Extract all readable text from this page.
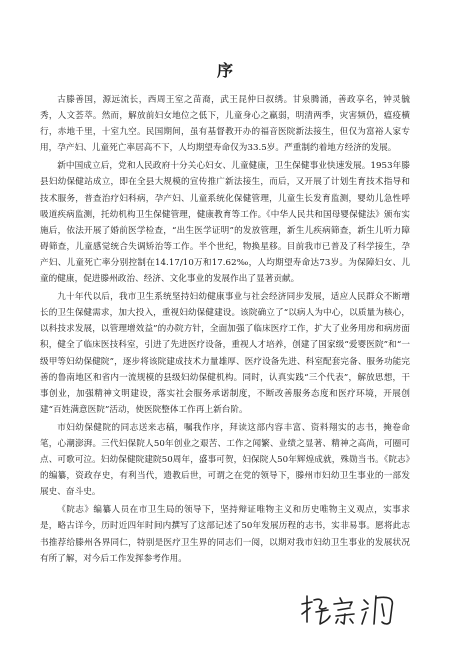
序

古滕善国，源远流长，西周王室之苗裔，武王昆仲曰叔绣。甘泉腾涌，善政享名，钟灵毓秀，人文荟萃。然而，解放前妇女地位之低下，儿童身心之羸弱，明清两季，灾害频仍，瘟疫横行，赤地千里，十室九空。民国期间，虽有基督教开办的福音医院新法接生，但仅为富裕人家专用，孕产妇、儿童死亡率居高不下，人均期望寿命仅为33.5岁。严重制约着地方经济的发展。

新中国成立后，党和人民政府十分关心妇女、儿童健康，卫生保健事业快速发展。1953年滕县妇幼保健站成立，即在全县大规模的宣传推广新法接生，而后，又开展了计划生育技术指导和技术服务，普查治疗妇科病，孕产妇、儿童系统化保健管理，儿童生长发育监测，婴幼儿急性呼吸道疾病监测，托幼机构卫生保健管理，健康教育等工作。《中华人民共和国母婴保健法》颁布实施后，依法开展了婚前医学检查，“出生医学证明”的发放管理，新生儿疾病筛查，新生儿听力障碍筛查，儿童感觉统合失调矫治等工作。半个世纪，物换星移。目前我市已普及了科学接生，孕产妇、儿童死亡率分别控制在14.17/10万和17.62‰，人均期望寿命达73岁。为保障妇女、儿童的健康，促进滕州政治、经济、文化事业的发展作出了显著贡献。

九十年代以后，我市卫生系统坚持妇幼健康事业与社会经济同步发展，适应人民群众不断增长的卫生保健需求，加大投入，重视妇幼保健建设。该院确立了“以病人为中心，以质量为核心，以科技求发展，以管理增效益”的办院方针，全面加强了临床医疗工作，扩大了业务用房和病房面积，健全了临床医技科室，引进了先进医疗设备，重视人才培养，创建了国家级“爱婴医院”和“一级甲等妇幼保健院”，逐步将该院建成技术力量雄厚、医疗设备先进、科室配套完备、服务功能完善的鲁南地区和省内一流规模的县级妇幼保健机构。同时，认真实践“三个代表”，解放思想，干事创业，加强精神文明建设，落实社会服务承诺制度，不断改善服务态度和医疗环境，开展创建“百姓满意医院”活动，使医院整体工作再上新台阶。

市妇幼保健院的同志送来志稿，嘱我作序，拜读这部内容丰富、资料翔实的志书，掩卷命笔，心潮澎湃。三代妇保院人50年创业之艰苦、工作之闻繁、业绩之显著、精神之高尚，可圈可点、可歌可泣。妇幼保健院建院50周年，盛事可贺，妇保院人50年辉煌成就，殊勋当书。《院志》的编纂，资政存史，有利当代，遗教后世，可谓之在党的领导下，滕州市妇幼卫生事业的一部发展史、奋斗史。

《院志》编纂人员在市卫生局的领导下，坚持辩证唯物主义和历史唯物主义观点，实事求是，略古详今，历时近四年时间内撰写了这部记述了50年发展历程的志书，实非易事。愿将此志书推荐给滕州各界同仁，特别是医疗卫生界的同志们一阅，以期对我市妇幼卫生事业的发展状况有所了解，对今后工作发挥参考作用。
